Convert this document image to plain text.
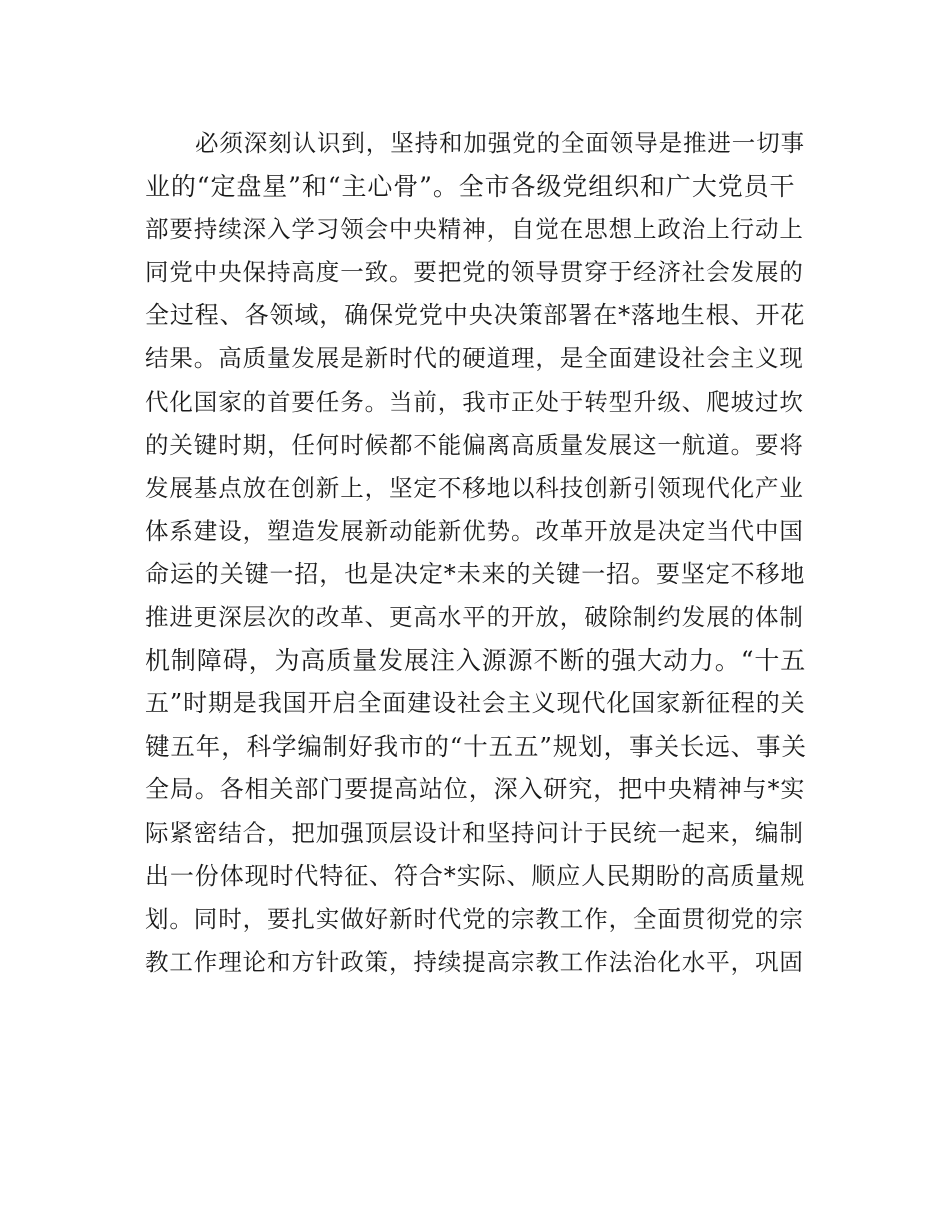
必须深刻认识到，坚持和加强党的全面领导是推进一切事
业的“定盘星”和“主心骨”。全市各级党组织和广大党员干
部要持续深入学习领会中央精神，自觉在思想上政治上行动上
同党中央保持高度一致。要把党的领导贯穿于经济社会发展的
全过程、各领域，确保党党中央决策部署在*落地生根、开花
结果。高质量发展是新时代的硬道理，是全面建设社会主义现
代化国家的首要任务。当前，我市正处于转型升级、爬坡过坎
的关键时期，任何时候都不能偏离高质量发展这一航道。要将
发展基点放在创新上，坚定不移地以科技创新引领现代化产业
体系建设，塑造发展新动能新优势。改革开放是决定当代中国
命运的关键一招，也是决定*未来的关键一招。要坚定不移地
推进更深层次的改革、更高水平的开放，破除制约发展的体制
机制障碍，为高质量发展注入源源不断的强大动力。“十五
五”时期是我国开启全面建设社会主义现代化国家新征程的关
键五年，科学编制好我市的“十五五”规划，事关长远、事关
全局。各相关部门要提高站位，深入研究，把中央精神与*实
际紧密结合，把加强顶层设计和坚持问计于民统一起来，编制
出一份体现时代特征、符合*实际、顺应人民期盼的高质量规
划。同时，要扎实做好新时代党的宗教工作，全面贯彻党的宗
教工作理论和方针政策，持续提高宗教工作法治化水平，巩固
